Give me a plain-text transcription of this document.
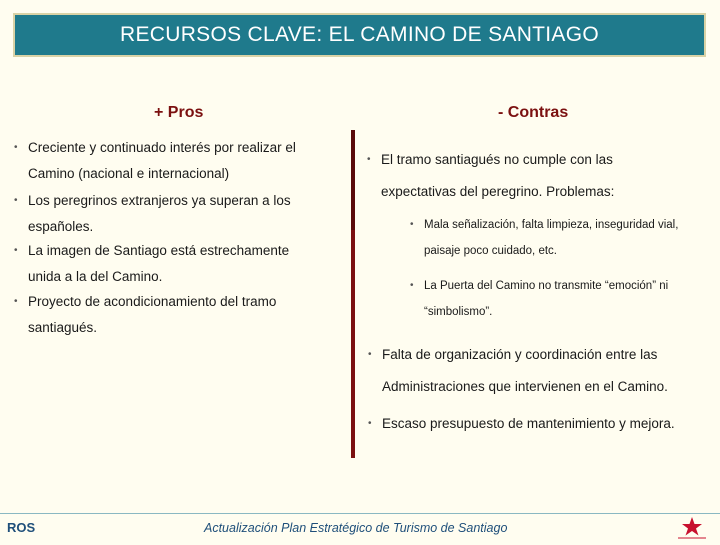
RECURSOS CLAVE: EL CAMINO DE SANTIAGO
+ Pros	- Contras
• Creciente y continuado interés por realizar el
Camino (nacional e internacional)
• Los peregrinos extranjeros ya superan a los
españoles.
• La imagen de Santiago está estrechamente
unida a la del Camino.
• Proyecto de acondicionamiento del tramo
santiagués.
• El tramo santiagués no cumple con las
expectativas del peregrino. Problemas:
• Mala señalización, falta limpieza, inseguridad vial,
paisaje poco cuidado, etc.
• La Puerta del Camino no transmite “emoción” ni
“simbolismo”.
• Falta de organización y coordinación entre las
Administraciones que intervienen en el Camino.
• Escaso presupuesto de mantenimiento y mejora.
ROS	Actualización Plan Estratégico de Turismo de Santiago
